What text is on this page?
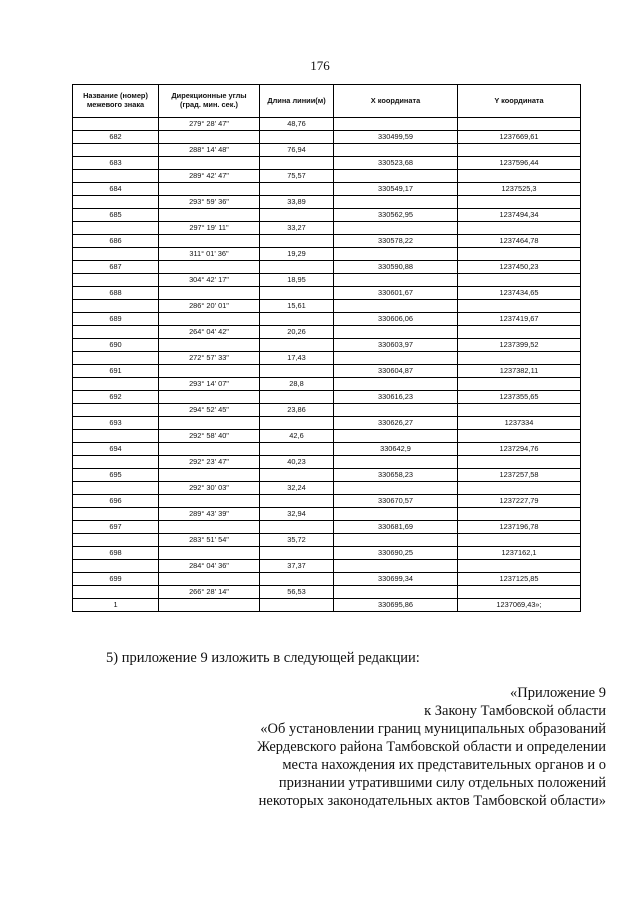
176
Название (номер) межевого знака	Дирекционные углы (град. мин. сек.)	Длина линии(м)	X координата	Y координата
	279° 28' 47"	48,76		
682			330499,59	1237669,61
	288° 14' 48"	76,94		
683			330523,68	1237596,44
	289° 42' 47"	75,57		
684			330549,17	1237525,3
	293° 59' 36"	33,89		
685			330562,95	1237494,34
	297° 19' 11"	33,27		
686			330578,22	1237464,78
	311° 01' 36"	19,29		
687			330590,88	1237450,23
	304° 42' 17"	18,95		
688			330601,67	1237434,65
	286° 20' 01"	15,61		
689			330606,06	1237419,67
	264° 04' 42"	20,26		
690			330603,97	1237399,52
	272° 57' 33"	17,43		
691			330604,87	1237382,11
	293° 14' 07"	28,8		
692			330616,23	1237355,65
	294° 52' 45"	23,86		
693			330626,27	1237334
	292° 58' 40"	42,6		
694			330642,9	1237294,76
	292° 23' 47"	40,23		
695			330658,23	1237257,58
	292° 30' 03"	32,24		
696			330670,57	1237227,79
	289° 43' 39"	32,94		
697			330681,69	1237196,78
	283° 51' 54"	35,72		
698			330690,25	1237162,1
	284° 04' 36"	37,37		
699			330699,34	1237125,85
	266° 28' 14"	56,53		
1			330695,86	1237069,43»;
5) приложение 9 изложить в следующей редакции:
«Приложение 9
к Закону Тамбовской области
«Об установлении границ муниципальных образований
Жердевского района Тамбовской области и определении
места нахождения их представительных органов и о
признании утратившими силу отдельных положений
некоторых законодательных актов Тамбовской области»
